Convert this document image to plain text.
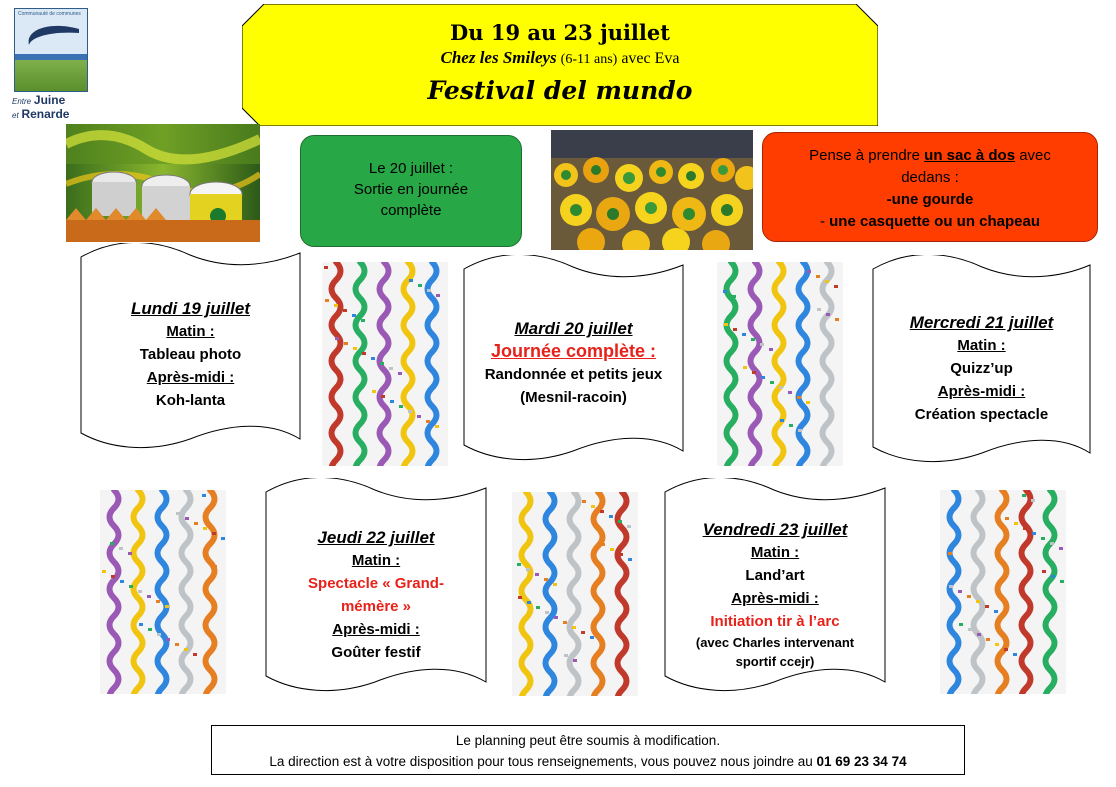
Communauté de communes
Entre Juine
et Renarde
Du 19 au 23 juillet
Chez les Smileys (6-11 ans) avec Eva
Festival del mundo
Le 20 juillet :
Sortie en journée
complète
Pense à prendre un sac à dos avec
dedans :
-une gourde
- une casquette ou un chapeau
Lundi 19 juillet
Matin :
Tableau photo
Après-midi :
Koh-lanta
Mardi 20 juillet
Journée complète :
Randonnée et petits jeux
(Mesnil-racoin)
Mercredi 21 juillet
Matin :
Quizz’up
Après-midi :
Création spectacle
Jeudi 22 juillet
Matin :
Spectacle « Grand-
mémère »
Après-midi :
Goûter festif
Vendredi 23 juillet
Matin :
Land’art
Après-midi :
Initiation tir à l’arc
(avec Charles intervenant
sportif ccejr)
Le planning peut être soumis à modification.
La direction est à votre disposition pour tous renseignements, vous pouvez nous joindre au 01 69 23 34 74
